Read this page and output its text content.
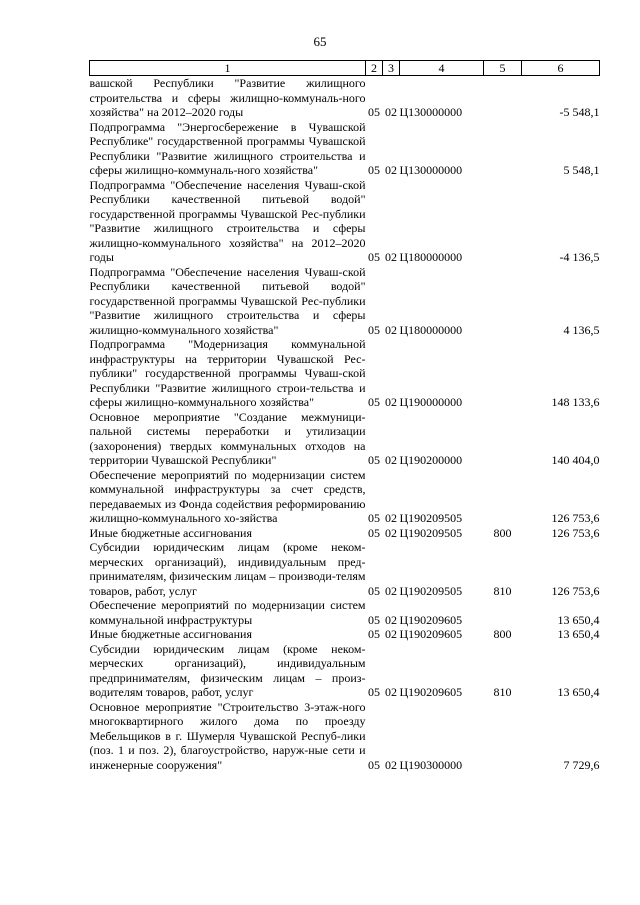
65
1	2	3	4	5	6
вашской Республики "Развитие жилищного строительства и сферы жилищно-коммуналь-ного хозяйства" на 2012–2020 годы	05	02	Ц130000000		-5 548,1
Подпрограмма "Энергосбережение в Чувашской Республике" государственной программы Чувашской Республики "Развитие жилищного строительства и сферы жилищно-коммуналь-ного хозяйства"	05	02	Ц130000000		5 548,1
Подпрограмма "Обеспечение населения Чуваш-ской Республики качественной питьевой водой" государственной программы Чувашской Рес-публики "Развитие жилищного строительства и сферы жилищно-коммунального хозяйства" на 2012–2020 годы	05	02	Ц180000000		-4 136,5
Подпрограмма "Обеспечение населения Чуваш-ской Республики качественной питьевой водой" государственной программы Чувашской Рес-публики "Развитие жилищного строительства и сферы жилищно-коммунального хозяйства"	05	02	Ц180000000		4 136,5
Подпрограмма "Модернизация коммунальной инфраструктуры на территории Чувашской Рес-публики" государственной программы Чуваш-ской Республики "Развитие жилищного строи-тельства и сферы жилищно-коммунального хозяйства"	05	02	Ц190000000		148 133,6
Основное мероприятие "Создание межмуници-пальной системы переработки и утилизации (захоронения) твердых коммунальных отходов на территории Чувашской Республики"	05	02	Ц190200000		140 404,0
Обеспечение мероприятий по модернизации систем коммунальной инфраструктуры за счет средств, передаваемых из Фонда содействия реформированию жилищно-коммунального хо-зяйства	05	02	Ц190209505		126 753,6
Иные бюджетные ассигнования	05	02	Ц190209505	800	126 753,6
Субсидии юридическим лицам (кроме неком-мерческих организаций), индивидуальным пред-принимателям, физическим лицам – производи-телям товаров, работ, услуг	05	02	Ц190209505	810	126 753,6
Обеспечение мероприятий по модернизации систем коммунальной инфраструктуры	05	02	Ц190209605		13 650,4
Иные бюджетные ассигнования	05	02	Ц190209605	800	13 650,4
Субсидии юридическим лицам (кроме неком-мерческих организаций), индивидуальным предпринимателям, физическим лицам – произ-водителям товаров, работ, услуг	05	02	Ц190209605	810	13 650,4
Основное мероприятие "Строительство 3-этаж-ного многоквартирного жилого дома по проезду Мебельщиков в г. Шумерля Чувашской Респуб-лики (поз. 1 и поз. 2), благоустройство, наруж-ные сети и инженерные сооружения"	05	02	Ц190300000		7 729,6
